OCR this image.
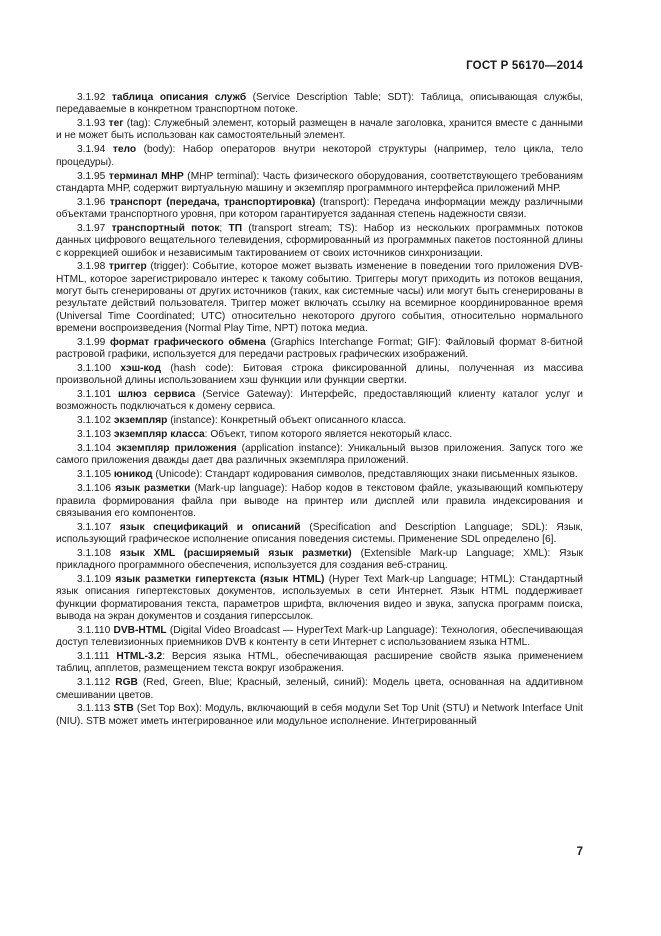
ГОСТ Р 56170—2014

3.1.92 таблица описания служб (Service Description Table; SDT): Таблица, описывающая службы, передаваемые в конкретном транспортном потоке.

3.1.93 тег (tag): Служебный элемент, который размещен в начале заголовка, хранится вместе с данными и не может быть использован как самостоятельный элемент.

3.1.94 тело (body): Набор операторов внутри некоторой структуры (например, тело цикла, тело процедуры).

3.1.95 терминал МНР (МНР terminal): Часть физического оборудования, соответствующего требованиям стандарта МНР, содержит виртуальную машину и экземпляр программного интерфейса приложений МНР.

3.1.96 транспорт (передача, транспортировка) (transport): Передача информации между различными объектами транспортного уровня, при котором гарантируется заданная степень надежности связи.

3.1.97 транспортный поток; ТП (transport stream; TS): Набор из нескольких программных потоков данных цифрового вещательного телевидения, сформированный из программных пакетов постоянной длины с коррекцией ошибок и независимым тактированием от своих источников синхронизации.

3.1.98 триггер (trigger): Событие, которое может вызвать изменение в поведении того приложения DVB-HTML, которое зарегистрировало интерес к такому событию. Триггеры могут приходить из потоков вещания, могут быть сгенерированы от других источников (таких, как системные часы) или могут быть сгенерированы в результате действий пользователя. Триггер может включать ссылку на всемирное координированное время (Universal Time Coordinated; UTC) относительно некоторого другого события, относительно нормального времени воспроизведения (Normal Play Time, NPT) потока медиа.

3.1.99 формат графического обмена (Graphics Interchange Format; GIF): Файловый формат 8-битной растровой графики, используется для передачи растровых графических изображений.

3.1.100 хэш-код (hash code): Битовая строка фиксированной длины, полученная из массива произвольной длины использованием хэш функции или функции свертки.

3.1.101 шлюз сервиса (Service Gateway): Интерфейс, предоставляющий клиенту каталог услуг и возможность подключаться к домену сервиса.

3.1.102 экземпляр (instance): Конкретный объект описанного класса.

3.1.103 экземпляр класса: Объект, типом которого является некоторый класс.

3.1.104 экземпляр приложения (application instance): Уникальный вызов приложения. Запуск того же самого приложения дважды дает два различных экземпляра приложений.

3.1.105 юникод (Unicode): Стандарт кодирования символов, представляющих знаки письменных языков.

3.1.106 язык разметки (Mark-up language): Набор кодов в текстовом файле, указывающий компьютеру правила формирования файла при выводе на принтер или дисплей или правила индексирования и связывания его компонентов.

3.1.107 язык спецификаций и описаний (Specification and Description Language; SDL): Язык, использующий графическое исполнение описания поведения системы. Применение SDL определено [6].

3.1.108 язык XML (расширяемый язык разметки) (Extensible Mark-up Language; XML): Язык прикладного программного обеспечения, используется для создания веб-страниц.

3.1.109 язык разметки гипертекста (язык HTML) (Hyper Text Mark-up Language; HTML): Стандартный язык описания гипертекстовых документов, используемых в сети Интернет. Язык HTML поддерживает функции форматирования текста, параметров шрифта, включения видео и звука, запуска программ поиска, вывода на экран документов и создания гиперссылок.

3.1.110 DVB-HTML (Digital Video Broadcast — HyperText Mark-up Language): Технология, обеспечивающая доступ телевизионных приемников DVB к контенту в сети Интернет с использованием языка HTML.

3.1.111 HTML-3.2: Версия языка HTML, обеспечивающая расширение свойств языка применением таблиц, апплетов, размещением текста вокруг изображения.

3.1.112 RGB (Red, Green, Blue; Красный, зеленый, синий): Модель цвета, основанная на аддитивном смешивании цветов.

3.1.113 STB (Set Top Box): Модуль, включающий в себя модули Set Top Unit (STU) и Network Interface Unit (NIU). STB может иметь интегрированное или модульное исполнение. Интегрированный

7
